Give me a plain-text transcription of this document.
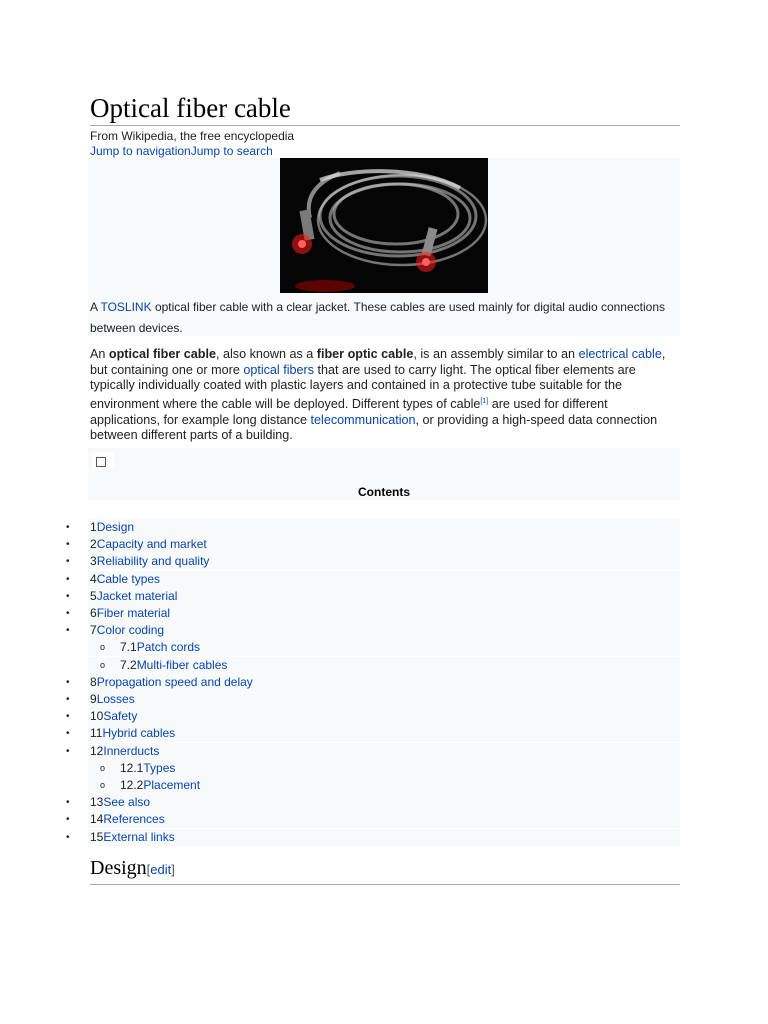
Optical fiber cable
From Wikipedia, the free encyclopedia
Jump to navigationJump to search
A TOSLINK optical fiber cable with a clear jacket. These cables are used mainly for digital audio connections between devices.
An optical fiber cable, also known as a fiber optic cable, is an assembly similar to an electrical cable, but containing one or more optical fibers that are used to carry light. The optical fiber elements are typically individually coated with plastic layers and contained in a protective tube suitable for the environment where the cable will be deployed. Different types of cable[1] are used for different applications, for example long distance telecommunication, or providing a high-speed data connection between different parts of a building.
Contents
• 1Design
• 2Capacity and market
• 3Reliability and quality
• 4Cable types
• 5Jacket material
• 6Fiber material
• 7Color coding
o 7.1Patch cords
o 7.2Multi-fiber cables
• 8Propagation speed and delay
• 9Losses
• 10Safety
• 11Hybrid cables
• 12Innerducts
o 12.1Types
o 12.2Placement
• 13See also
• 14References
• 15External links
Design[edit]
